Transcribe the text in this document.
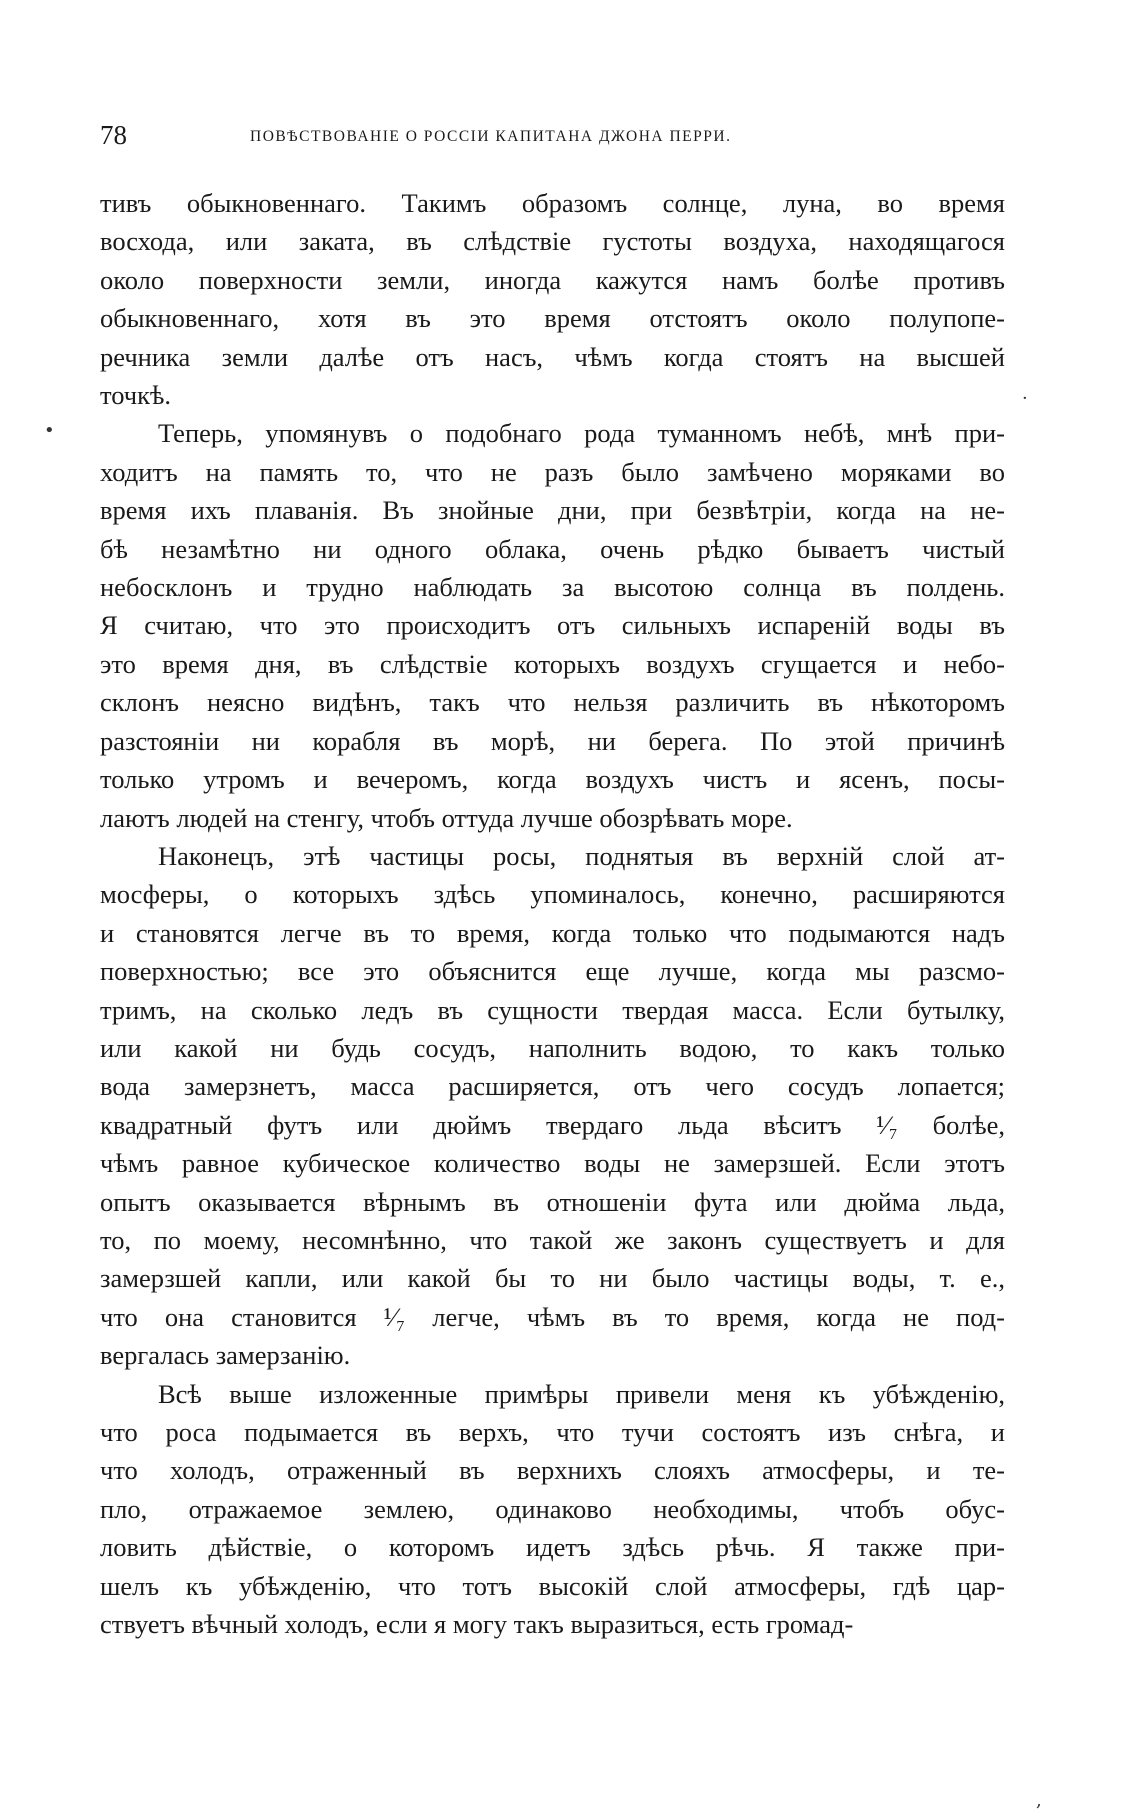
78	ПОВѢСТВОВАНІЕ О РОССІИ КАПИТАНА ДЖОНА ПЕРРИ.

тивъ обыкновеннаго. Такимъ образомъ солнце, луна, во время
восхода, или заката, въ слѣдствіе густоты воздуха, находящагося
около поверхности земли, иногда кажутся намъ болѣе противъ
обыкновеннаго, хотя въ это время отстоятъ около полупопе-
речника земли далѣе отъ насъ, чѣмъ когда стоятъ на высшей
точкѣ.

Теперь, упомянувъ о подобнаго рода туманномъ небѣ, мнѣ при-
ходитъ на память то, что не разъ было замѣчено моряками во
время ихъ плаванія. Въ знойные дни, при безвѣтріи, когда на не-
бѣ незамѣтно ни одного облака, очень рѣдко бываетъ чистый
небосклонъ и трудно наблюдать за высотою солнца въ полдень.
Я считаю, что это происходитъ отъ сильныхъ испареній воды въ
это время дня, въ слѣдствіе которыхъ воздухъ сгущается и небо-
склонъ неясно видѣнъ, такъ что нельзя различить въ нѣкоторомъ
разстояніи ни корабля въ морѣ, ни берега. По этой причинѣ
только утромъ и вечеромъ, когда воздухъ чистъ и ясенъ, посы-
лаютъ людей на стенгу, чтобъ оттуда лучше обозрѣвать море.

Наконецъ, этѣ частицы росы, поднятыя въ верхній слой ат-
мосферы, о которыхъ здѣсь упоминалось, конечно, расширяются
и становятся легче въ то время, когда только что подымаются надъ
поверхностью; все это объяснится еще лучше, когда мы разсмо-
тримъ, на сколько ледъ въ сущности твердая масса. Если бутылку,
или какой ни будь сосудъ, наполнить водою, то какъ только
вода замерзнетъ, масса расширяется, отъ чего сосудъ лопается;
квадратный футъ или дюймъ твердаго льда вѣситъ ¹⁄₇ болѣе,
чѣмъ равное кубическое количество воды не замерзшей. Если этотъ
опытъ оказывается вѣрнымъ въ отношеніи фута или дюйма льда,
то, по моему, несомнѣнно, что такой же законъ существуетъ и для
замерзшей капли, или какой бы то ни было частицы воды, т. е.,
что она становится ¹⁄₇ легче, чѣмъ въ то время, когда не под-
вергалась замерзанію.

Всѣ выше изложенные примѣры привели меня къ убѣжденію,
что роса подымается въ верхъ, что тучи состоятъ изъ снѣга, и
что холодъ, отраженный въ верхнихъ слояхъ атмосферы, и те-
пло, отражаемое землею, одинаково необходимы, чтобъ обус-
ловить дѣйствіе, о которомъ идетъ здѣсь рѣчь. Я также при-
шелъ къ убѣжденію, что тотъ высокій слой атмосферы, гдѣ цар-
ствуетъ вѣчный холодъ, если я могу такъ выразиться, есть громад-

•
·
,
